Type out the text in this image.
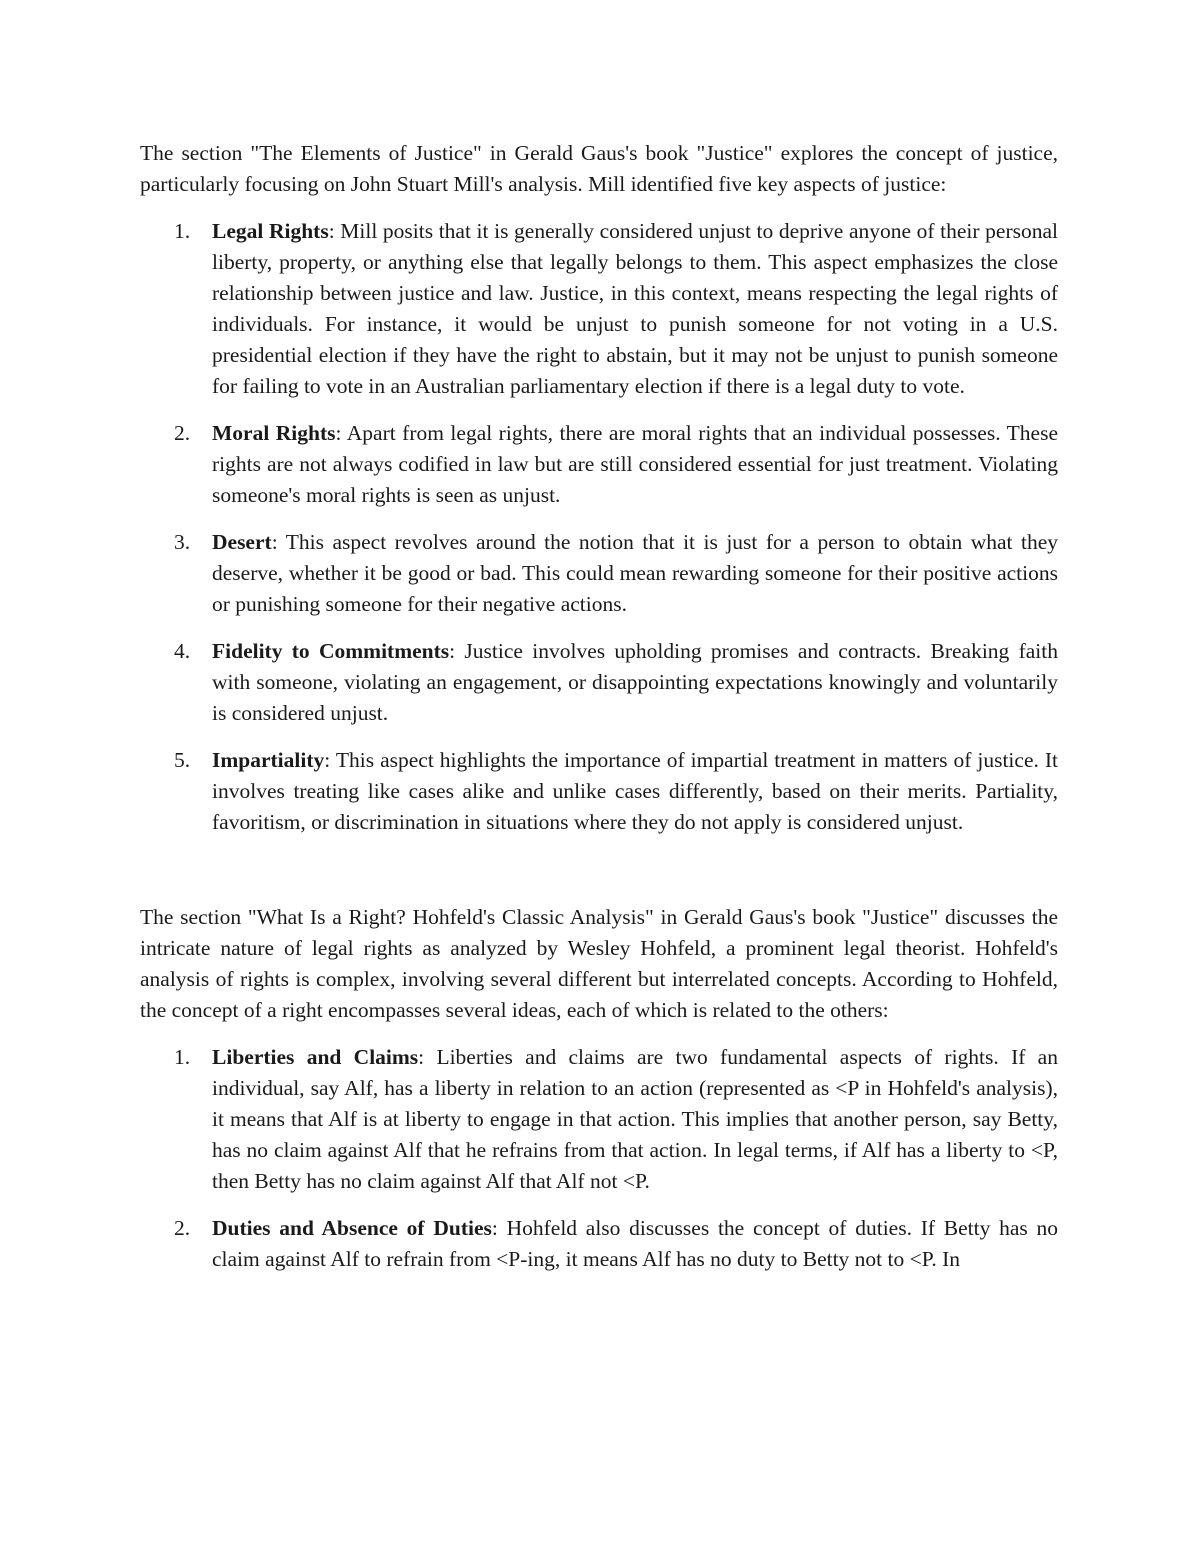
The section "The Elements of Justice" in Gerald Gaus's book "Justice" explores the concept of justice, particularly focusing on John Stuart Mill's analysis. Mill identified five key aspects of justice:

1. Legal Rights: Mill posits that it is generally considered unjust to deprive anyone of their personal liberty, property, or anything else that legally belongs to them. This aspect emphasizes the close relationship between justice and law. Justice, in this context, means respecting the legal rights of individuals. For instance, it would be unjust to punish someone for not voting in a U.S. presidential election if they have the right to abstain, but it may not be unjust to punish someone for failing to vote in an Australian parliamentary election if there is a legal duty to vote.
2. Moral Rights: Apart from legal rights, there are moral rights that an individual possesses. These rights are not always codified in law but are still considered essential for just treatment. Violating someone's moral rights is seen as unjust.
3. Desert: This aspect revolves around the notion that it is just for a person to obtain what they deserve, whether it be good or bad. This could mean rewarding someone for their positive actions or punishing someone for their negative actions.
4. Fidelity to Commitments: Justice involves upholding promises and contracts. Breaking faith with someone, violating an engagement, or disappointing expectations knowingly and voluntarily is considered unjust.
5. Impartiality: This aspect highlights the importance of impartial treatment in matters of justice. It involves treating like cases alike and unlike cases differently, based on their merits. Partiality, favoritism, or discrimination in situations where they do not apply is considered unjust.

The section "What Is a Right? Hohfeld's Classic Analysis" in Gerald Gaus's book "Justice" discusses the intricate nature of legal rights as analyzed by Wesley Hohfeld, a prominent legal theorist. Hohfeld's analysis of rights is complex, involving several different but interrelated concepts. According to Hohfeld, the concept of a right encompasses several ideas, each of which is related to the others:

1. Liberties and Claims: Liberties and claims are two fundamental aspects of rights. If an individual, say Alf, has a liberty in relation to an action (represented as <P in Hohfeld's analysis), it means that Alf is at liberty to engage in that action. This implies that another person, say Betty, has no claim against Alf that he refrains from that action. In legal terms, if Alf has a liberty to <P, then Betty has no claim against Alf that Alf not <P.
2. Duties and Absence of Duties: Hohfeld also discusses the concept of duties. If Betty has no claim against Alf to refrain from <P-ing, it means Alf has no duty to Betty not to <P. In
